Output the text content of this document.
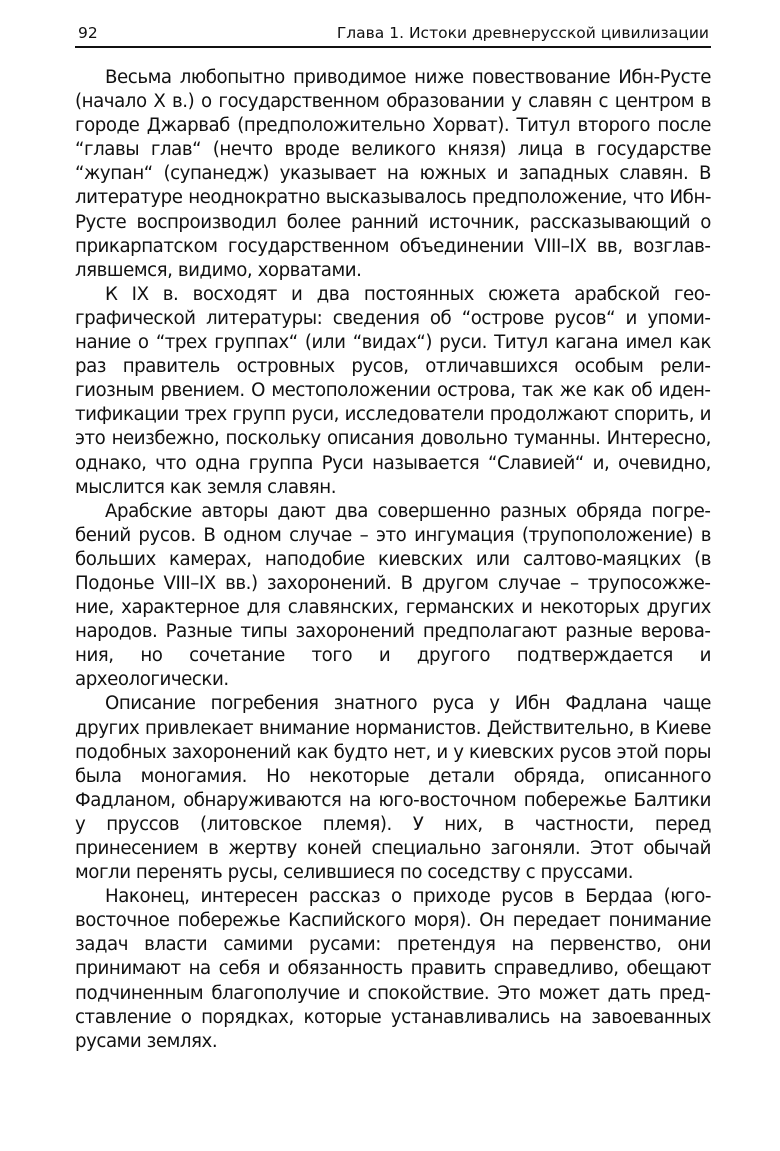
92	Глава 1. Истоки древнерусской цивилизации

Весьма любопытно приводимое ниже повествование Ибн-Русте (начало X в.) о государственном образовании у славян с центром в городе Джарваб (предположительно Хорват). Титул второго после “главы глав“ (нечто вроде великого князя) лица в государстве “жупан“ (супанедж) указывает на южных и западных славян. В литературе неоднократно высказывалось предположение, что Ибн-Русте воспроизводил более ранний источник, рассказывающий о прикарпатском государственном объединении VIII–IX вв, возглавлявшемся, видимо, хорватами.

К IX в. восходят и два постоянных сюжета арабской географической литературы: сведения об “острове русов“ и упоминание о “трех группах“ (или “видах“) руси. Титул кагана имел как раз правитель островных русов, отличавшихся особым религиозным рвением. О местоположении острова, так же как об идентификации трех групп руси, исследователи продолжают спорить, и это неизбежно, поскольку описания довольно туманны. Интересно, однако, что одна группа Руси называется “Славией“ и, очевидно, мыслится как земля славян.

Арабские авторы дают два совершенно разных обряда погребений русов. В одном случае – это ингумация (трупоположение) в больших камерах, наподобие киевских или салтово-маяцких (в Подонье VIII–IX вв.) захоронений. В другом случае – трупосожжение, характерное для славянских, германских и некоторых других народов. Разные типы захоронений предполагают разные верования, но сочетание того и другого подтверждается и археологически.

Описание погребения знатного руса у Ибн Фадлана чаще других привлекает внимание норманистов. Действительно, в Киеве подобных захоронений как будто нет, и у киевских русов этой поры была моногамия. Но некоторые детали обряда, описанного Фадланом, обнаруживаются на юго-восточном побережье Балтики у пруссов (литовское племя). У них, в частности, перед принесением в жертву коней специально загоняли. Этот обычай могли перенять русы, селившиеся по соседству с пруссами.

Наконец, интересен рассказ о приходе русов в Бердаа (юго-восточное побережье Каспийского моря). Он передает понимание задач власти самими русами: претендуя на первенство, они принимают на себя и обязанность править справедливо, обещают подчиненным благополучие и спокойствие. Это может дать представление о порядках, которые устанавливались на завоеванных русами землях.
